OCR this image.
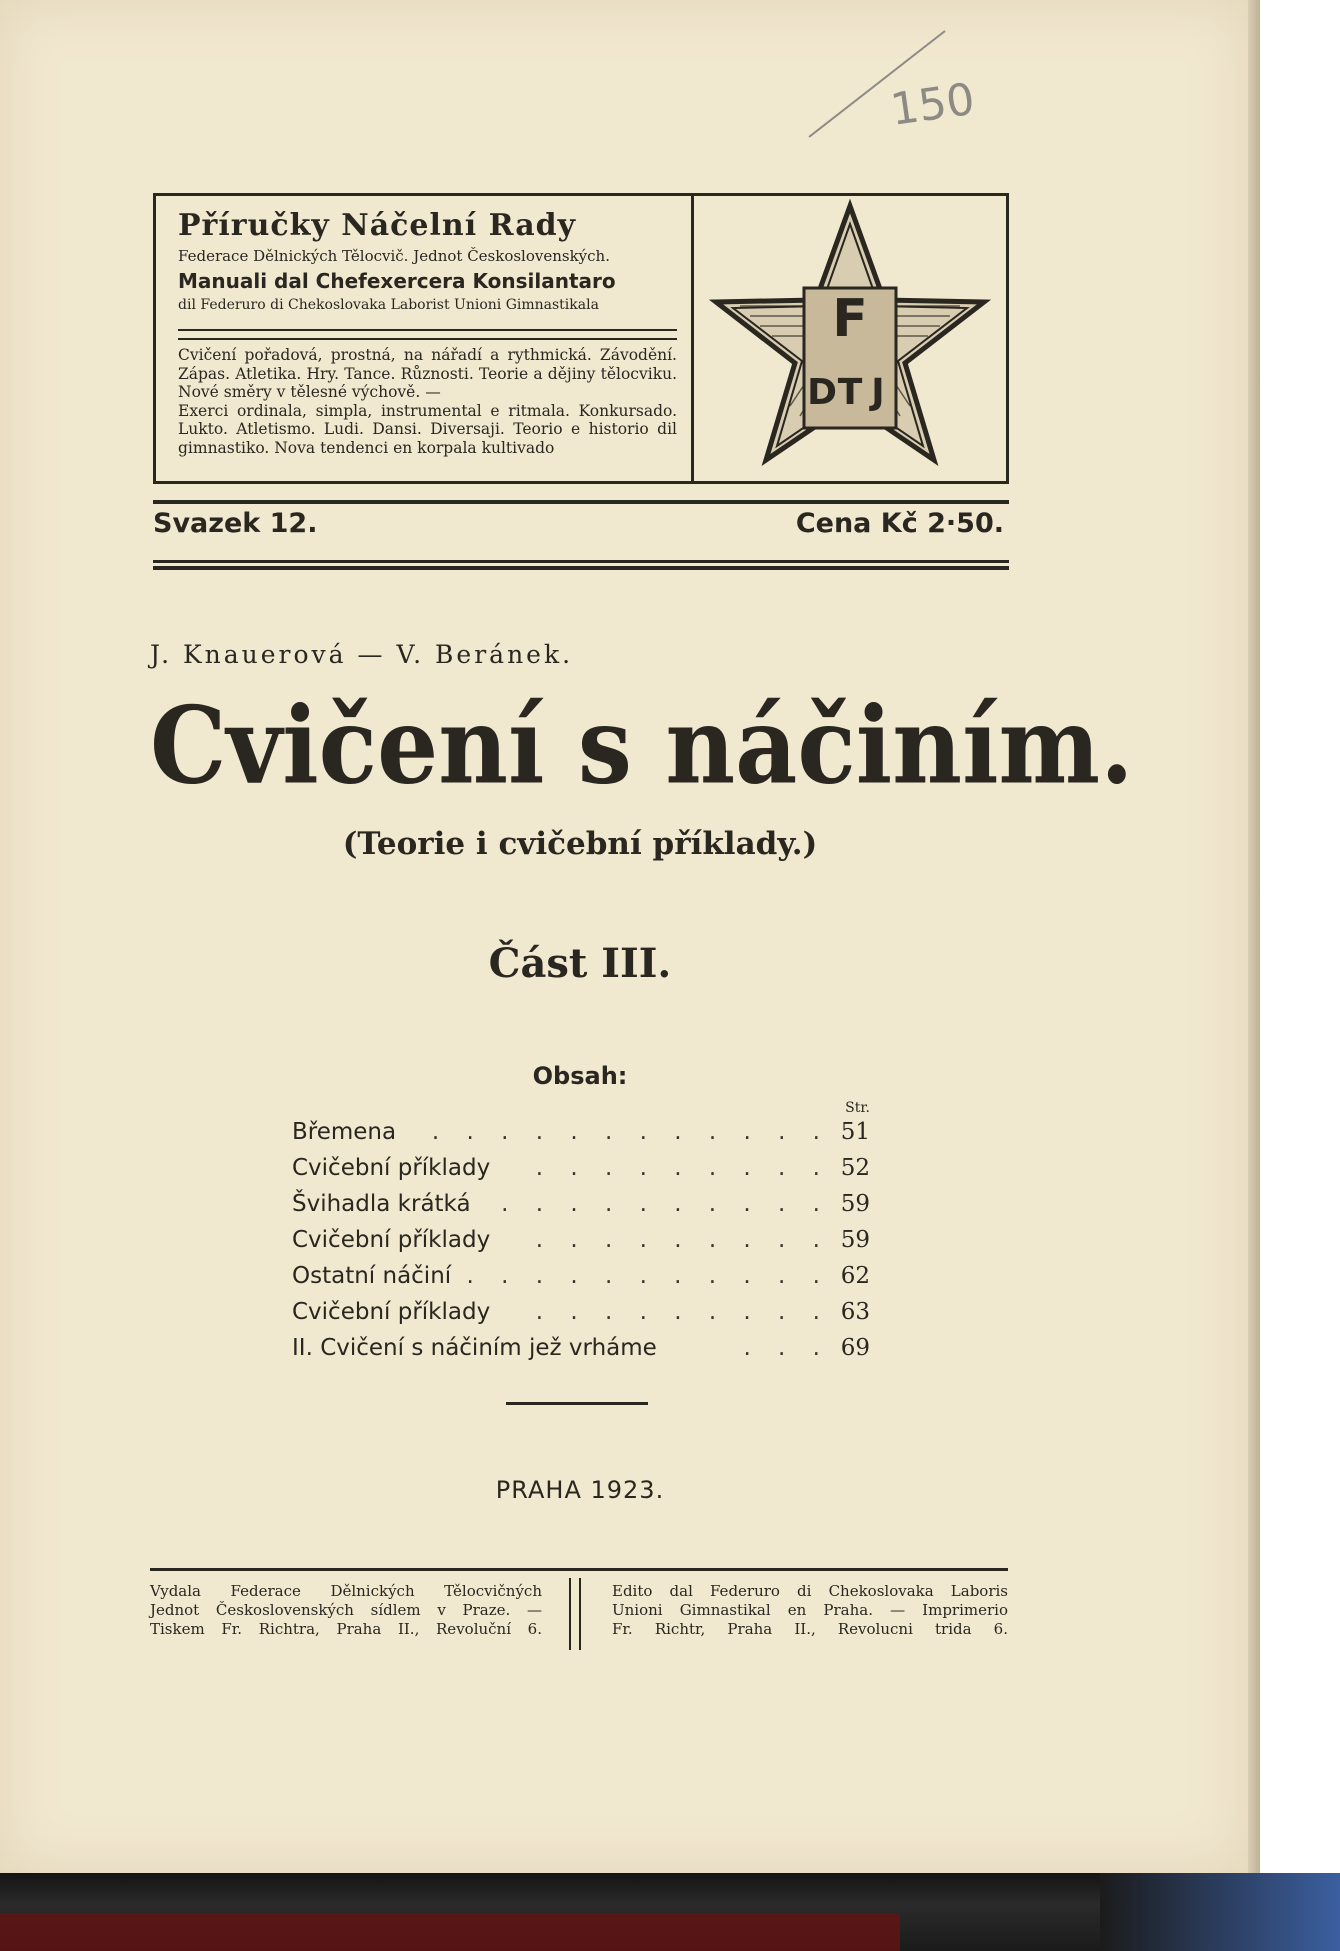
150
Příručky Náčelní Rady
Federace Dělnických Tělocvič. Jednot Československých.
Manuali dal Chefexercera Konsilantaro
dil Federuro di Chekoslovaka Laborist Unioni Gimnastikala

Cvičení pořadová, prostná, na nářadí a rythmická. Závodění. Zápas. Atletika. Hry. Tance. Různosti. Teorie a dějiny tělocviku. Nové směry v tělesné výchově. —

Exerci ordinala, simpla, instrumental e ritmala. Konkursado. Lukto. Atletismo. Ludi. Dansi. Diversaji. Teorio e historio dil gimnastiko. Nova tendenci en korpala kultivado

F
D T J
Svazek 12.	Cena Kč 2·50.
J. Knauerová — V. Beránek.
Cvičení s náčiním.
(Teorie i cvičební příklady.)
Část III.
Obsah:
Str.
Břemena . . . . . . . . . . . . 51
Cvičební příklady . . . . . . . . . 52
Švihadla krátká . . . . . . . . . . 59
Cvičební příklady . . . . . . . . . 59
Ostatní náčiní . . . . . . . . . . . 62
Cvičební příklady . . . . . . . . . 63
II. Cvičení s náčiním jež vrháme	. . . 69
PRAHA 1923.
Vydala Federace Dělnických Tělocvičných
Jednot Československých sídlem v Praze. —
Tiskem Fr. Richtra, Praha II., Revoluční 6.
Edito dal Federuro di Chekoslovaka Laboris
Unioni Gimnastikal en Praha. — Imprimerio
Fr. Richtr, Praha II., Revolucni trida 6.
